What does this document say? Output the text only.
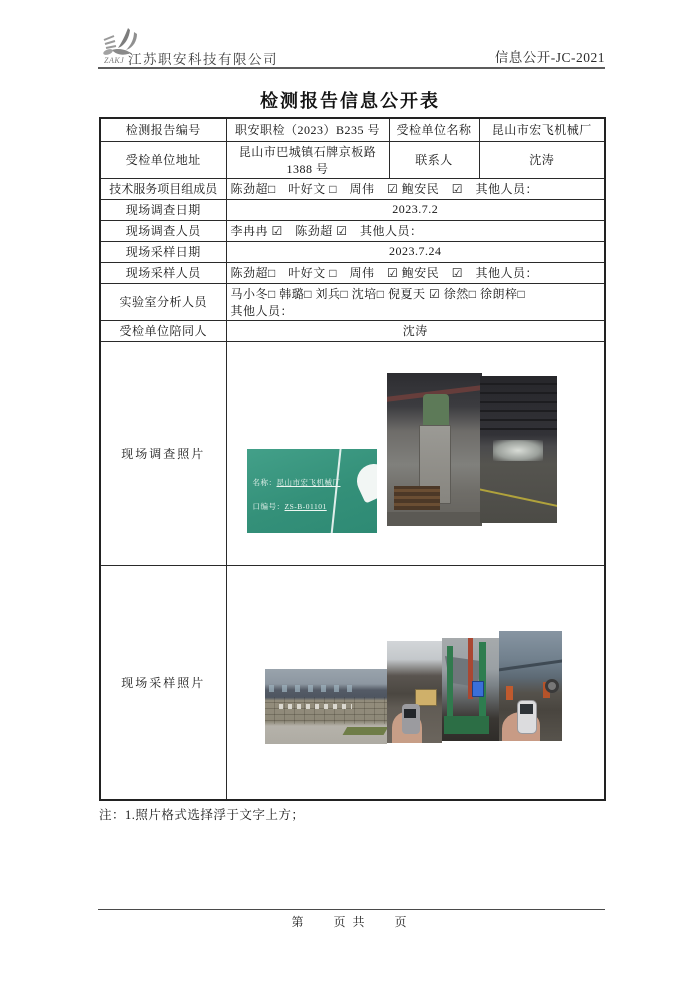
ZAKJ 江苏职安科技有限公司	信息公开-JC-2021
检测报告信息公开表
检测报告编号	职安职检（2023）B235 号	受检单位名称	昆山市宏飞机械厂
受检单位地址	昆山市巴城镇石牌京板路1388 号	联系人	沈涛
技术服务项目组成员	陈劲超□　叶好文 □　周伟　☑ 鲍安民　☑　其他人员：		
现场调查日期	2023.7.2		
现场调查人员	李冉冉 ☑　陈劲超 ☑　其他人员：		
现场采样日期	2023.7.24		
现场采样人员	陈劲超□　叶好文 □　周伟　☑ 鲍安民　☑　其他人员：		
实验室分析人员	马小冬□ 韩璐□ 刘兵□ 沈培□ 倪夏天 ☑ 徐然□ 徐朗梓□
其他人员：		

受检单位陪同人	沈涛		
现场调查照片	名称：昆山市宏飞机械厂
口编号：ZS-B-01101		

现场采样照片			
注：1.照片格式选择浮于文字上方；
第　　页 共　　页
